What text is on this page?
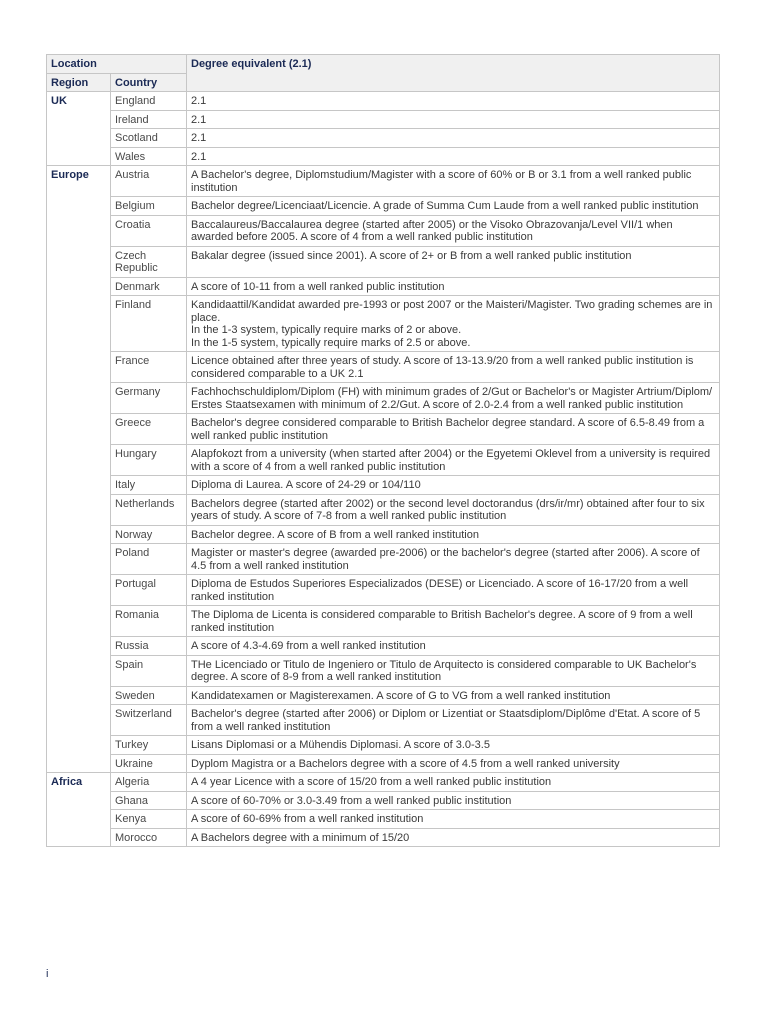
Location		Degree equivalent (2.1)
Region	Country	
UK	England	2.1
	Ireland	2.1
	Scotland	2.1
	Wales	2.1
Europe	Austria	A Bachelor's degree, Diplomstudium/Magister with a score of 60% or B or 3.1 from a well ranked public institution
	Belgium	Bachelor degree/Licenciaat/Licencie. A grade of Summa Cum Laude from a well ranked public institution
	Croatia	Baccalaureus/Baccalaurea degree (started after 2005) or the Visoko Obrazovanja/Level VII/1 when awarded before 2005. A score of 4 from a well ranked public institution
	Czech Republic	Bakalar degree (issued since 2001). A score of 2+ or B from a well ranked public institution
	Denmark	A score of 10-11 from a well ranked public institution
	Finland	Kandidaattil/Kandidat awarded pre-1993 or post 2007 or the Maisteri/Magister. Two grading schemes are in place.
In the 1-3 system, typically require marks of 2 or above.
In the 1-5 system, typically require marks of 2.5 or above.
	France	Licence obtained after three years of study. A score of 13-13.9/20 from a well ranked public institution is considered comparable to a UK 2.1
	Germany	Fachhochschuldiplom/Diplom (FH) with minimum grades of 2/Gut or Bachelor's or Magister Artrium/Diplom/ Erstes Staatsexamen with minimum of 2.2/Gut. A score of 2.0-2.4 from a well ranked public institution
	Greece	Bachelor's degree considered comparable to British Bachelor degree standard. A score of 6.5-8.49 from a well ranked public institution
	Hungary	Alapfokozt from a university (when started after 2004) or the Egyetemi Oklevel from a university is required with a score of 4 from a well ranked public institution
	Italy	Diploma di Laurea. A score of 24-29 or 104/110
	Netherlands	Bachelors degree (started after 2002) or the second level doctorandus (drs/ir/mr) obtained after four to six years of study. A score of 7-8 from a well ranked public institution
	Norway	Bachelor degree. A score of B from a well ranked institution
	Poland	Magister or master's degree (awarded pre-2006) or the bachelor's degree (started after 2006). A score of 4.5 from a well ranked institution
	Portugal	Diploma de Estudos Superiores Especializados (DESE) or Licenciado. A score of 16-17/20 from a well ranked institution
	Romania	The Diploma de Licenta is considered comparable to British Bachelor's degree. A score of 9 from a well ranked institution
	Russia	A score of 4.3-4.69 from a well ranked institution
	Spain	THe Licenciado or Titulo de Ingeniero or Titulo de Arquitecto is considered comparable to UK Bachelor's degree. A score of 8-9 from a well ranked institution
	Sweden	Kandidatexamen or Magisterexamen. A score of G to VG from a well ranked institution
	Switzerland	Bachelor's degree (started after 2006) or Diplom or Lizentiat or Staatsdiplom/Diplôme d'Etat. A score of 5 from a well ranked institution
	Turkey	Lisans Diplomasi or a Mühendis Diplomasi. A score of 3.0-3.5
	Ukraine	Dyplom Magistra or a Bachelors degree with a score of 4.5 from a well ranked university
Africa	Algeria	A 4 year Licence with a score of 15/20 from a well ranked public institution
	Ghana	A score of 60-70% or 3.0-3.49 from a well ranked public institution
	Kenya	A score of 60-69% from a well ranked institution
	Morocco	A Bachelors degree with a minimum of 15/20
i
